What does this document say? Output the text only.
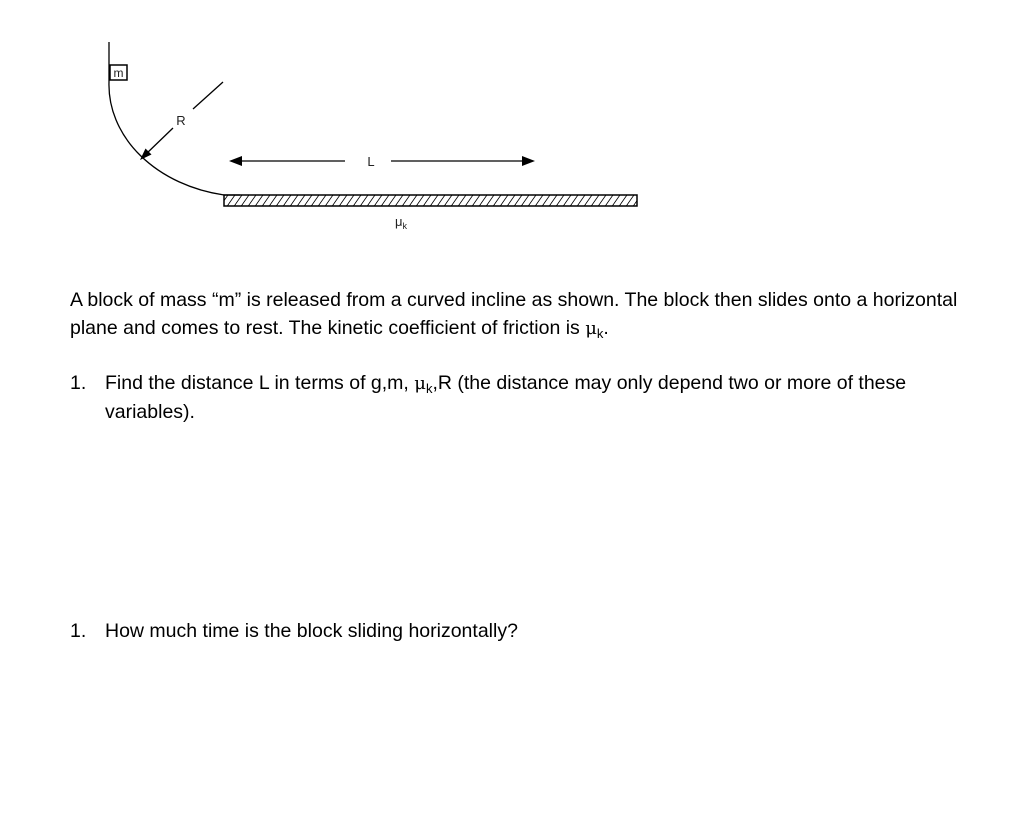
m
R
L
$\mu_k$
A block of mass “m” is released from a curved incline as shown. The block then slides onto a horizontal plane and comes to rest. The kinetic coefficient of friction is $\mu_k$.
1. Find the distance L in terms of g,m, $\mu_k,R$ (the distance may only depend two or more of these variables).
1. How much time is the block sliding horizontally?
